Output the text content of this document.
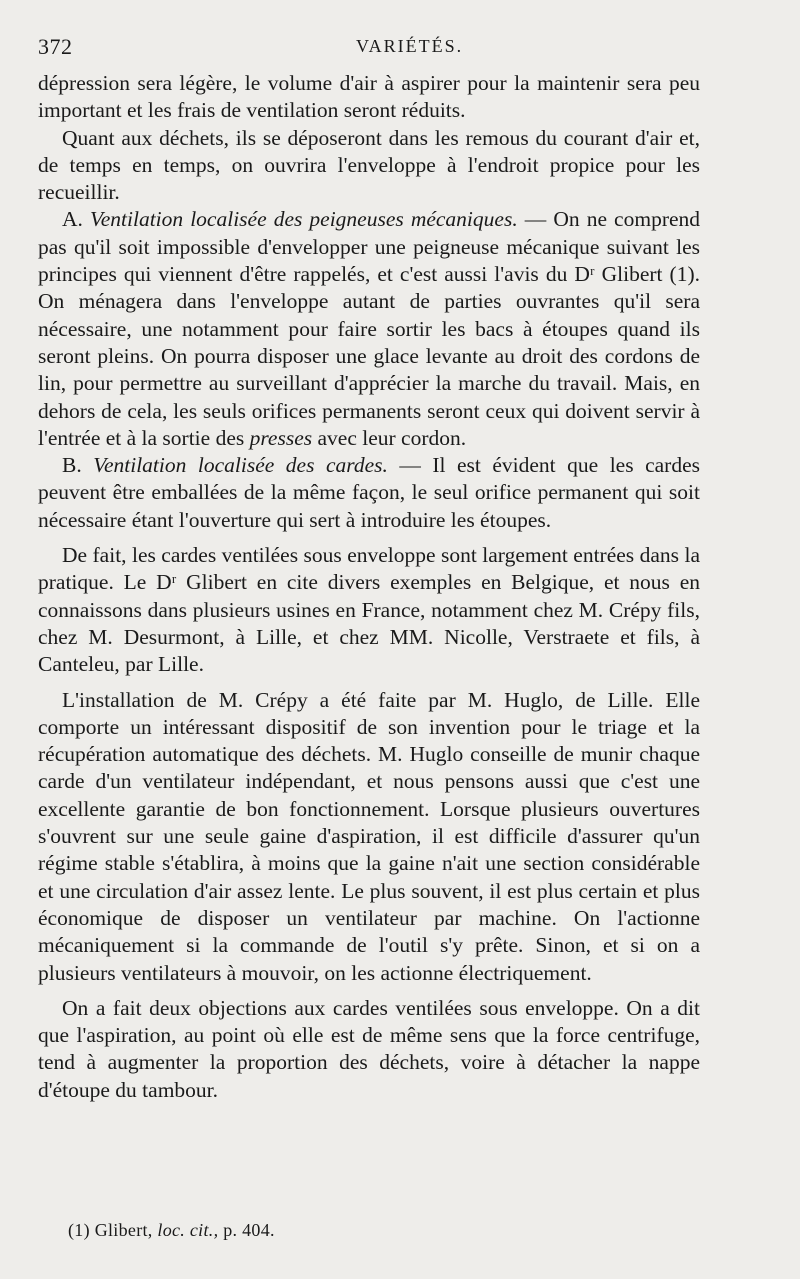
372	VARIÉTÉS.

dépression sera légère, le volume d'air à aspirer pour la maintenir sera peu important et les frais de ventilation seront réduits.

Quant aux déchets, ils se déposeront dans les remous du courant d'air et, de temps en temps, on ouvrira l'enveloppe à l'endroit propice pour les recueillir.

A. Ventilation localisée des peigneuses mécaniques. — On ne comprend pas qu'il soit impossible d'envelopper une peigneuse mécanique suivant les principes qui viennent d'être rappelés, et c'est aussi l'avis du Dʳ Glibert (1). On ménagera dans l'enveloppe autant de parties ouvrantes qu'il sera nécessaire, une notamment pour faire sortir les bacs à étoupes quand ils seront pleins. On pourra disposer une glace levante au droit des cordons de lin, pour permettre au surveillant d'apprécier la marche du travail. Mais, en dehors de cela, les seuls orifices permanents seront ceux qui doivent servir à l'entrée et à la sortie des presses avec leur cordon.

B. Ventilation localisée des cardes. — Il est évident que les cardes peuvent être emballées de la même façon, le seul orifice permanent qui soit nécessaire étant l'ouverture qui sert à introduire les étoupes.

De fait, les cardes ventilées sous enveloppe sont largement entrées dans la pratique. Le Dʳ Glibert en cite divers exemples en Belgique, et nous en connaissons dans plusieurs usines en France, notamment chez M. Crépy fils, chez M. Desurmont, à Lille, et chez MM. Nicolle, Verstraete et fils, à Canteleu, par Lille.

L'installation de M. Crépy a été faite par M. Huglo, de Lille. Elle comporte un intéressant dispositif de son invention pour le triage et la récupération automatique des déchets. M. Huglo conseille de munir chaque carde d'un ventilateur indépendant, et nous pensons aussi que c'est une excellente garantie de bon fonctionnement. Lorsque plusieurs ouvertures s'ouvrent sur une seule gaine d'aspiration, il est difficile d'assurer qu'un régime stable s'établira, à moins que la gaine n'ait une section considérable et une circulation d'air assez lente. Le plus souvent, il est plus certain et plus économique de disposer un ventilateur par machine. On l'actionne mécaniquement si la commande de l'outil s'y prête. Sinon, et si on a plusieurs ventilateurs à mouvoir, on les actionne électriquement.

On a fait deux objections aux cardes ventilées sous enveloppe. On a dit que l'aspiration, au point où elle est de même sens que la force centrifuge, tend à augmenter la proportion des déchets, voire à détacher la nappe d'étoupe du tambour.

(1) Glibert, loc. cit., p. 404.
